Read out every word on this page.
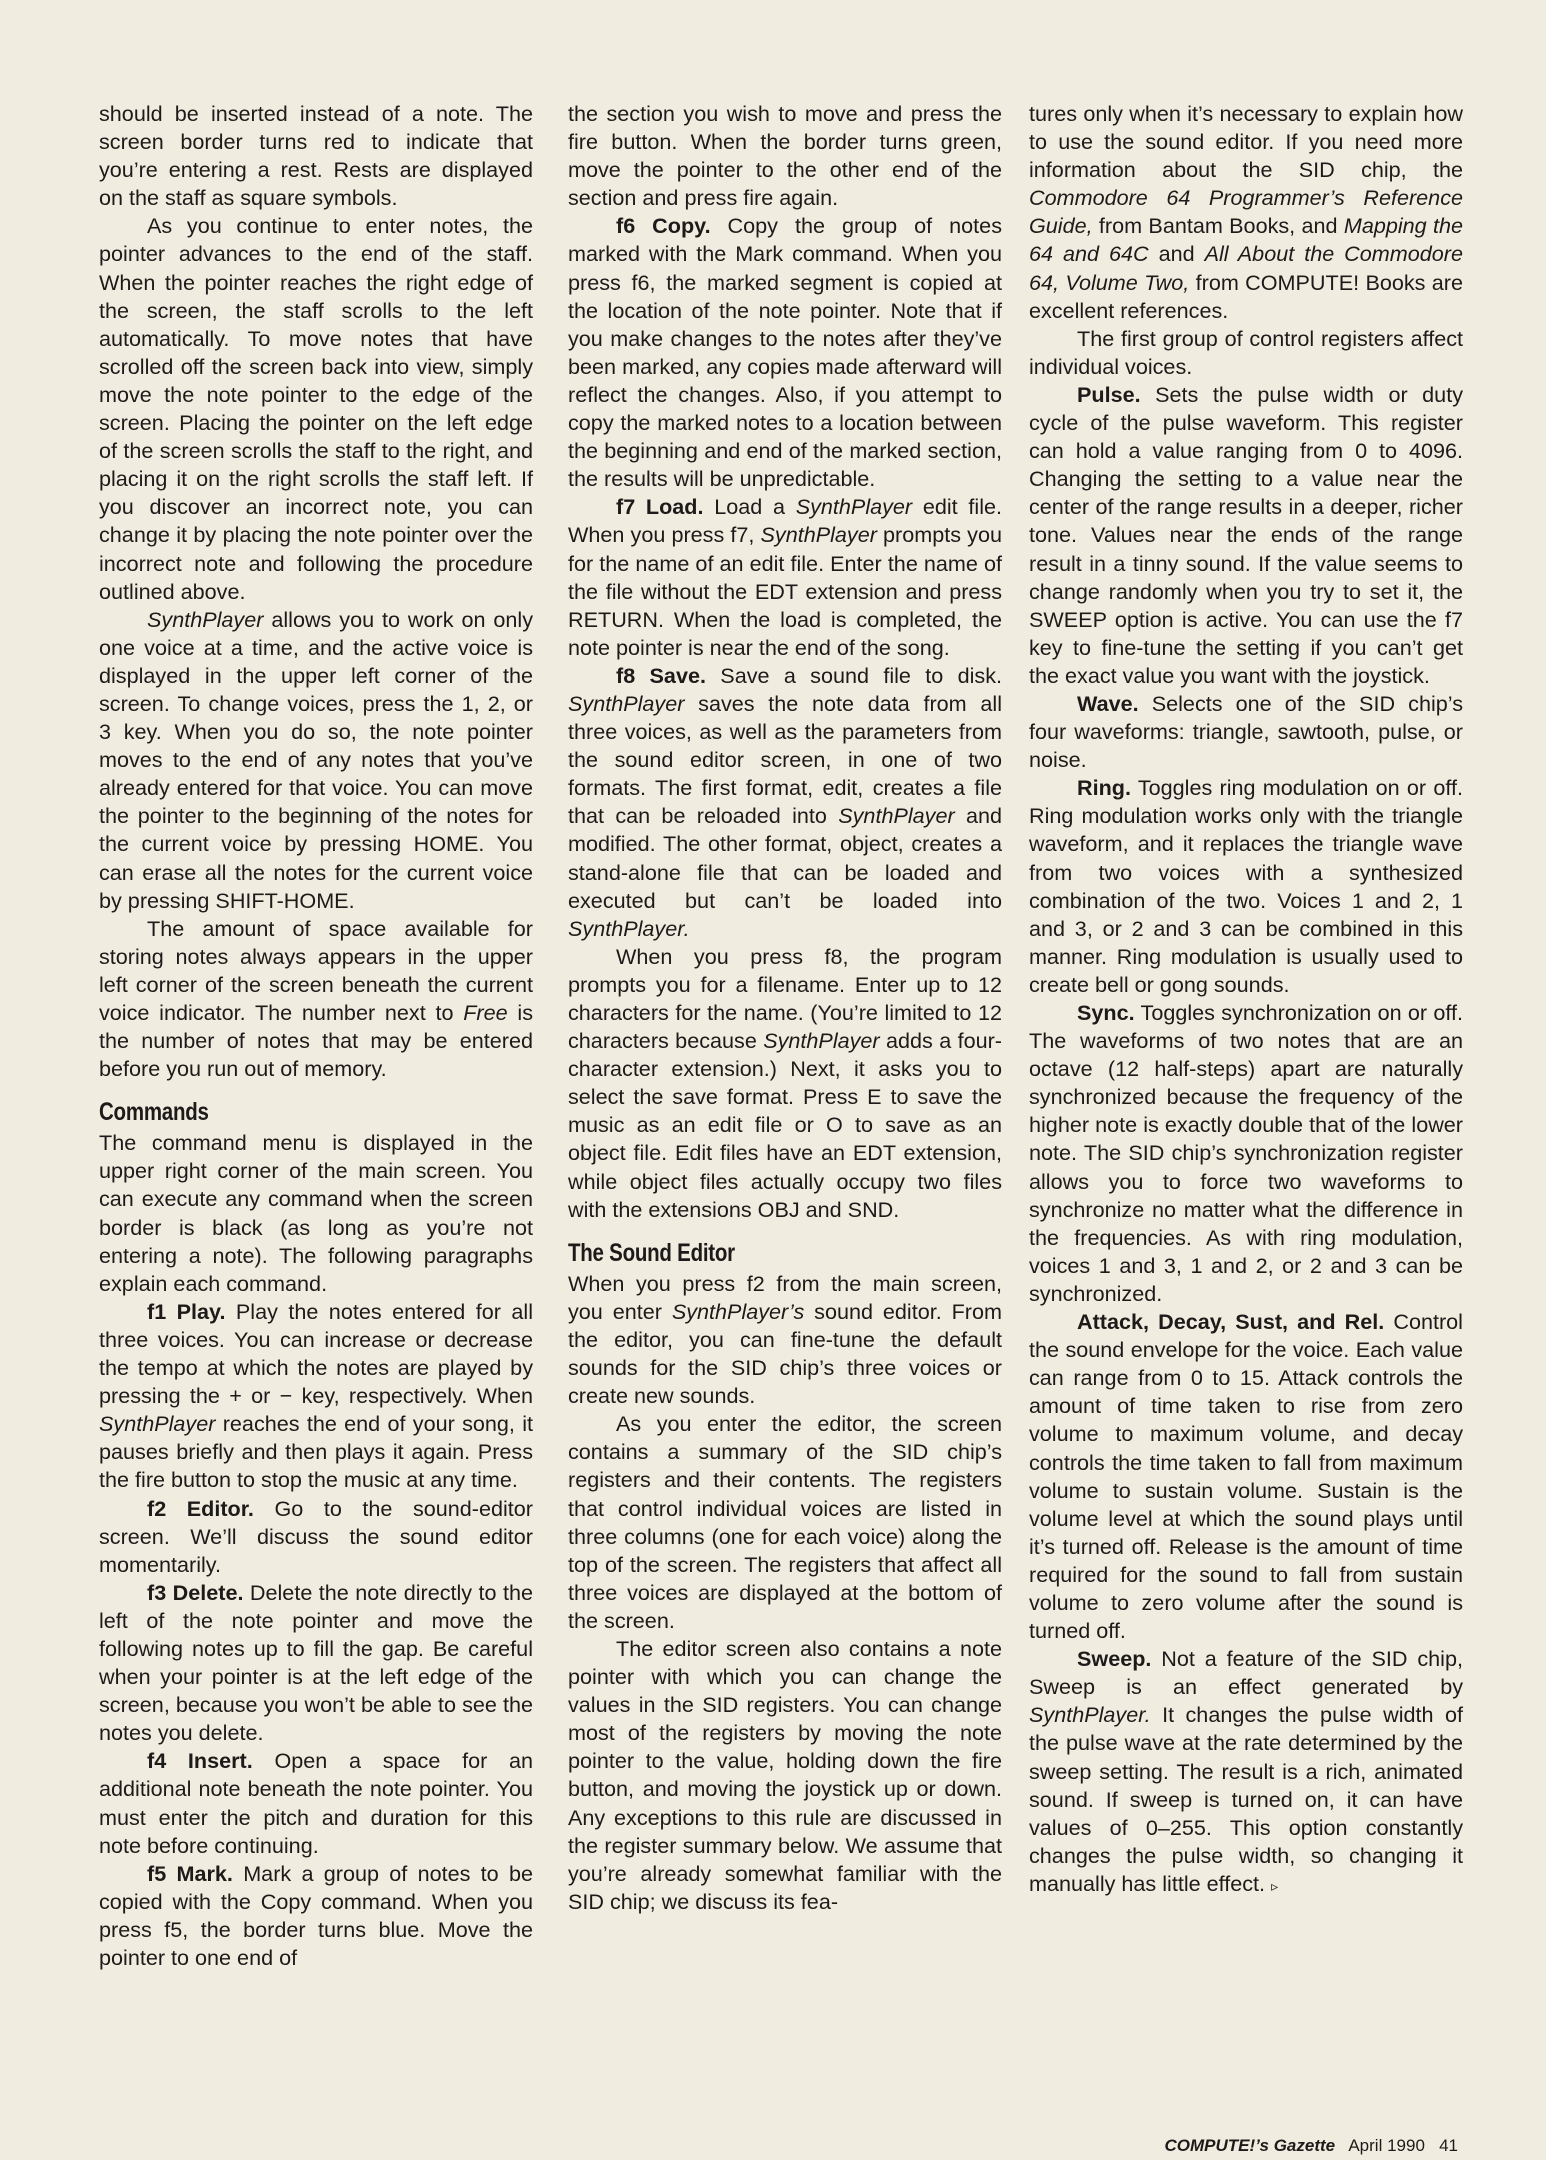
should be inserted instead of a note. The screen border turns red to indicate that you’re entering a rest. Rests are displayed on the staff as square symbols.

As you continue to enter notes, the pointer advances to the end of the staff. When the pointer reaches the right edge of the screen, the staff scrolls to the left automatically. To move notes that have scrolled off the screen back into view, simply move the note pointer to the edge of the screen. Placing the pointer on the left edge of the screen scrolls the staff to the right, and placing it on the right scrolls the staff left. If you discover an incorrect note, you can change it by placing the note pointer over the incorrect note and following the procedure outlined above.

SynthPlayer allows you to work on only one voice at a time, and the active voice is displayed in the upper left corner of the screen. To change voices, press the 1, 2, or 3 key. When you do so, the note pointer moves to the end of any notes that you’ve already entered for that voice. You can move the pointer to the beginning of the notes for the current voice by pressing HOME. You can erase all the notes for the current voice by pressing SHIFT-HOME.

The amount of space available for storing notes always appears in the upper left corner of the screen beneath the current voice indicator. The number next to Free is the number of notes that may be entered before you run out of memory.

Commands

The command menu is displayed in the upper right corner of the main screen. You can execute any command when the screen border is black (as long as you’re not entering a note). The following paragraphs explain each command.

f1 Play. Play the notes entered for all three voices. You can increase or decrease the tempo at which the notes are played by pressing the + or − key, respectively. When SynthPlayer reaches the end of your song, it pauses briefly and then plays it again. Press the fire button to stop the music at any time.

f2 Editor. Go to the sound-editor screen. We’ll discuss the sound editor momentarily.

f3 Delete. Delete the note directly to the left of the note pointer and move the following notes up to fill the gap. Be careful when your pointer is at the left edge of the screen, because you won’t be able to see the notes you delete.

f4 Insert. Open a space for an additional note beneath the note pointer. You must enter the pitch and duration for this note before continuing.

f5 Mark. Mark a group of notes to be copied with the Copy command. When you press f5, the border turns blue. Move the pointer to one end of

the section you wish to move and press the fire button. When the border turns green, move the pointer to the other end of the section and press fire again.

f6 Copy. Copy the group of notes marked with the Mark command. When you press f6, the marked segment is copied at the location of the note pointer. Note that if you make changes to the notes after they’ve been marked, any copies made afterward will reflect the changes. Also, if you attempt to copy the marked notes to a location between the beginning and end of the marked section, the results will be unpredictable.

f7 Load. Load a SynthPlayer edit file. When you press f7, SynthPlayer prompts you for the name of an edit file. Enter the name of the file without the EDT extension and press RETURN. When the load is completed, the note pointer is near the end of the song.

f8 Save. Save a sound file to disk. SynthPlayer saves the note data from all three voices, as well as the parameters from the sound editor screen, in one of two formats. The first format, edit, creates a file that can be reloaded into SynthPlayer and modified. The other format, object, creates a stand-alone file that can be loaded and executed but can’t be loaded into SynthPlayer.

When you press f8, the program prompts you for a filename. Enter up to 12 characters for the name. (You’re limited to 12 characters because SynthPlayer adds a four-character extension.) Next, it asks you to select the save format. Press E to save the music as an edit file or O to save as an object file. Edit files have an EDT extension, while object files actually occupy two files with the extensions OBJ and SND.

The Sound Editor

When you press f2 from the main screen, you enter SynthPlayer’s sound editor. From the editor, you can fine-tune the default sounds for the SID chip’s three voices or create new sounds.

As you enter the editor, the screen contains a summary of the SID chip’s registers and their contents. The registers that control individual voices are listed in three columns (one for each voice) along the top of the screen. The registers that affect all three voices are displayed at the bottom of the screen.

The editor screen also contains a note pointer with which you can change the values in the SID registers. You can change most of the registers by moving the note pointer to the value, holding down the fire button, and moving the joystick up or down. Any exceptions to this rule are discussed in the register summary below. We assume that you’re already somewhat familiar with the SID chip; we discuss its fea-

tures only when it’s necessary to explain how to use the sound editor. If you need more information about the SID chip, the Commodore 64 Programmer’s Reference Guide, from Bantam Books, and Mapping the 64 and 64C and All About the Commodore 64, Volume Two, from COMPUTE! Books are excellent references.

The first group of control registers affect individual voices.

Pulse. Sets the pulse width or duty cycle of the pulse waveform. This register can hold a value ranging from 0 to 4096. Changing the setting to a value near the center of the range results in a deeper, richer tone. Values near the ends of the range result in a tinny sound. If the value seems to change randomly when you try to set it, the SWEEP option is active. You can use the f7 key to fine-tune the setting if you can’t get the exact value you want with the joystick.

Wave. Selects one of the SID chip’s four waveforms: triangle, sawtooth, pulse, or noise.

Ring. Toggles ring modulation on or off. Ring modulation works only with the triangle waveform, and it replaces the triangle wave from two voices with a synthesized combination of the two. Voices 1 and 2, 1 and 3, or 2 and 3 can be combined in this manner. Ring modulation is usually used to create bell or gong sounds.

Sync. Toggles synchronization on or off. The waveforms of two notes that are an octave (12 half-steps) apart are naturally synchronized because the frequency of the higher note is exactly double that of the lower note. The SID chip’s synchronization register allows you to force two waveforms to synchronize no matter what the difference in the frequencies. As with ring modulation, voices 1 and 3, 1 and 2, or 2 and 3 can be synchronized.

Attack, Decay, Sust, and Rel. Control the sound envelope for the voice. Each value can range from 0 to 15. Attack controls the amount of time taken to rise from zero volume to maximum volume, and decay controls the time taken to fall from maximum volume to sustain volume. Sustain is the volume level at which the sound plays until it’s turned off. Release is the amount of time required for the sound to fall from sustain volume to zero volume after the sound is turned off.

Sweep. Not a feature of the SID chip, Sweep is an effect generated by SynthPlayer. It changes the pulse width of the pulse wave at the rate determined by the sweep setting. The result is a rich, animated sound. If sweep is turned on, it can have values of 0–255. This option constantly changes the pulse width, so changing it manually has little effect. ▹

COMPUTE!’s Gazette April 1990 41
